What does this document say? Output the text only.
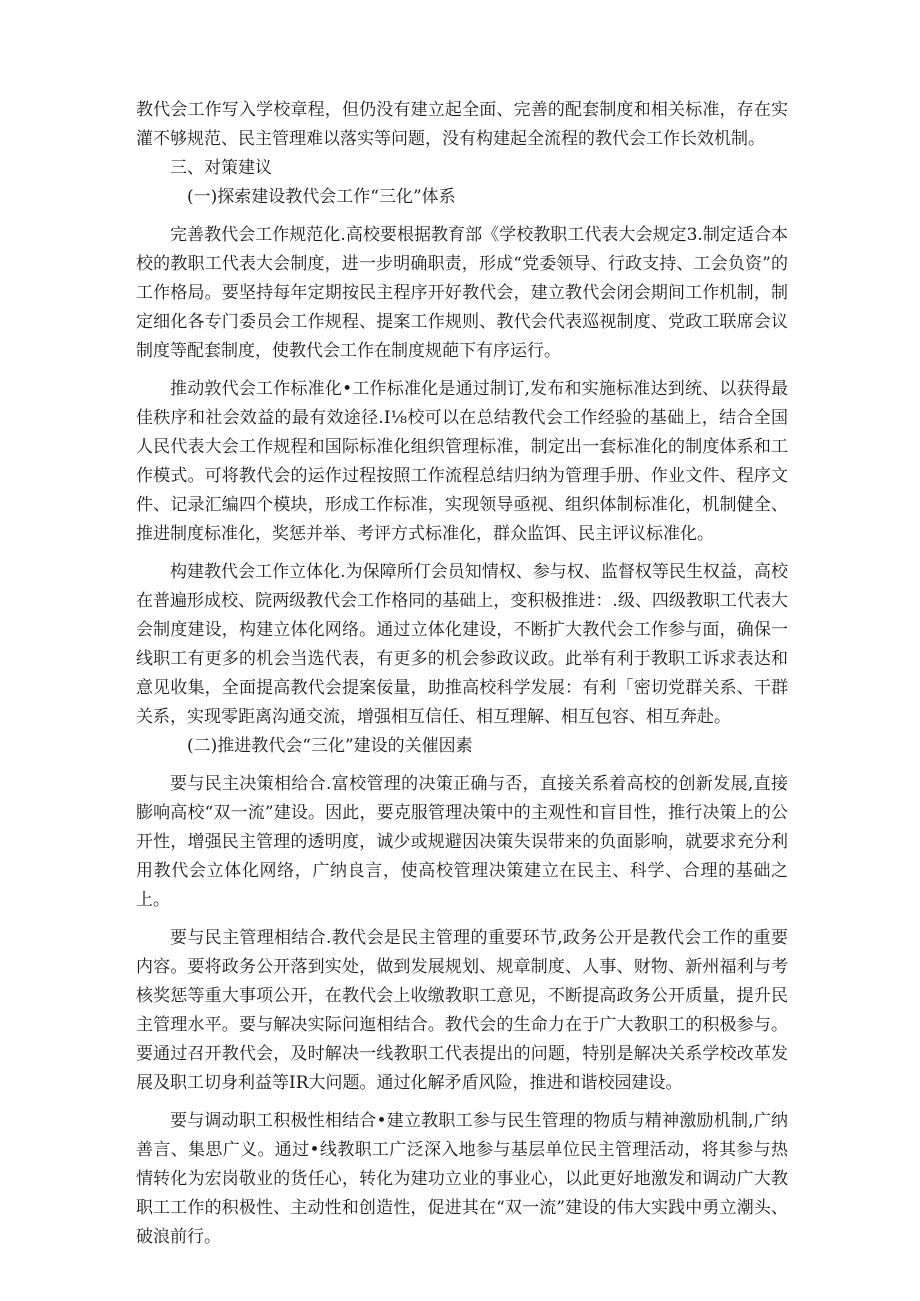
教代会工作写入学校章程，但仍没有建立起全面、完善的配套制度和相关标准，存在实灌不够规范、民主管理难以落实等问题，没有构建起全流程的教代会工作长效机制。

三、对策建议

(一)探索建设教代会工作“三化”体系

完善教代会工作规范化.高校要根据教育部《学校教职工代表大会规定3.制定适合本校的教职工代表大会制度，进一步明确职责，形成“党委领导、行政支持、工会负资”的工作格局。要坚持每年定期按民主程序开好教代会，建立教代会闭会期间工作机制，制定细化各专门委员会工作规程、提案工作规则、教代会代表巡视制度、党政工联席会议制度等配套制度，使教代会工作在制度规葩下有序运行。

推动敦代会工作标准化•工作标准化是通过制订,发布和实施标准达到统、以获得最佳秩序和社会效益的最有效途径.I⅛校可以在总结教代会工作经验的基础上，结合全国人民代表大会工作规程和国际标准化组织管理标准，制定出一套标准化的制度体系和工作模式。可将教代会的运作过程按照工作流程总结归纳为管理手册、作业文件、程序文件、记录汇编四个模块，形成工作标准，实现领导亟视、组织体制标准化，机制健全、推进制度标准化，奖惩并举、考评方式标准化，群众监饵、民主评议标准化。

构建教代会工作立体化.为保障所仃会员知情权、参与权、监督权等民生权益，高校在普遍形成校、院两级教代会工作格同的基础上，变积极推进：.级、四级教职工代表大会制度建设，构建立体化网络。通过立体化建设，不断扩大教代会工作参与面，确保一线职工有更多的机会当选代表，有更多的机会参政议政。此举有利于教职工诉求表达和意见收集，全面提高教代会提案佞量，助推高校科学发展：有利「密切党群关系、干群关系，实现零距离沟通交流，增强相互信任、相互理解、相互包容、相互奔赴。

(二)推进教代会“三化”建设的关催因素

要与民主决策相给合.富校管理的决策正确与否，直接关系着高校的创新发展,直接膨响高校“双一流”建设。因此，要克服管理决策中的主观性和盲目性，推行决策上的公开性，增强民主管理的透明度，诚少或规避因决策失误带来的负面影响，就要求充分利用教代会立体化网络，广纳良言，使高校管理决策建立在民主、科学、合理的基础之上。

要与民主管理相结合.教代会是民主管理的重要环节,政务公开是教代会工作的重要内容。要将政务公开落到实处，做到发展规划、规章制度、人事、财物、新州福利与考核奖惩等重大事项公开，在教代会上收缴教职工意见，不断提高政务公开质量，提升民主管理水平。要与解决实际问迤相结合。教代会的生命力在于广大教职工的积极参与。要通过召开教代会，及时解决一线教职工代表提出的问题，特别是解决关系学校改革发展及职工切身利益等IR大问题。通过化解矛盾风险，推进和谐校园建设。

要与调动职工积极性相结合•建立教职工参与民生管理的物质与精神激励机制,广纳善言、集思广义。通过•线教职工广泛深入地参与基层单位民主管理活动，将其参与热情转化为宏岗敬业的货任心，转化为建功立业的事业心，以此更好地激发和调动广大教职工工作的积极性、主动性和创造性，促进其在“双一流”建设的伟大实践中勇立潮头、破浪前行。
